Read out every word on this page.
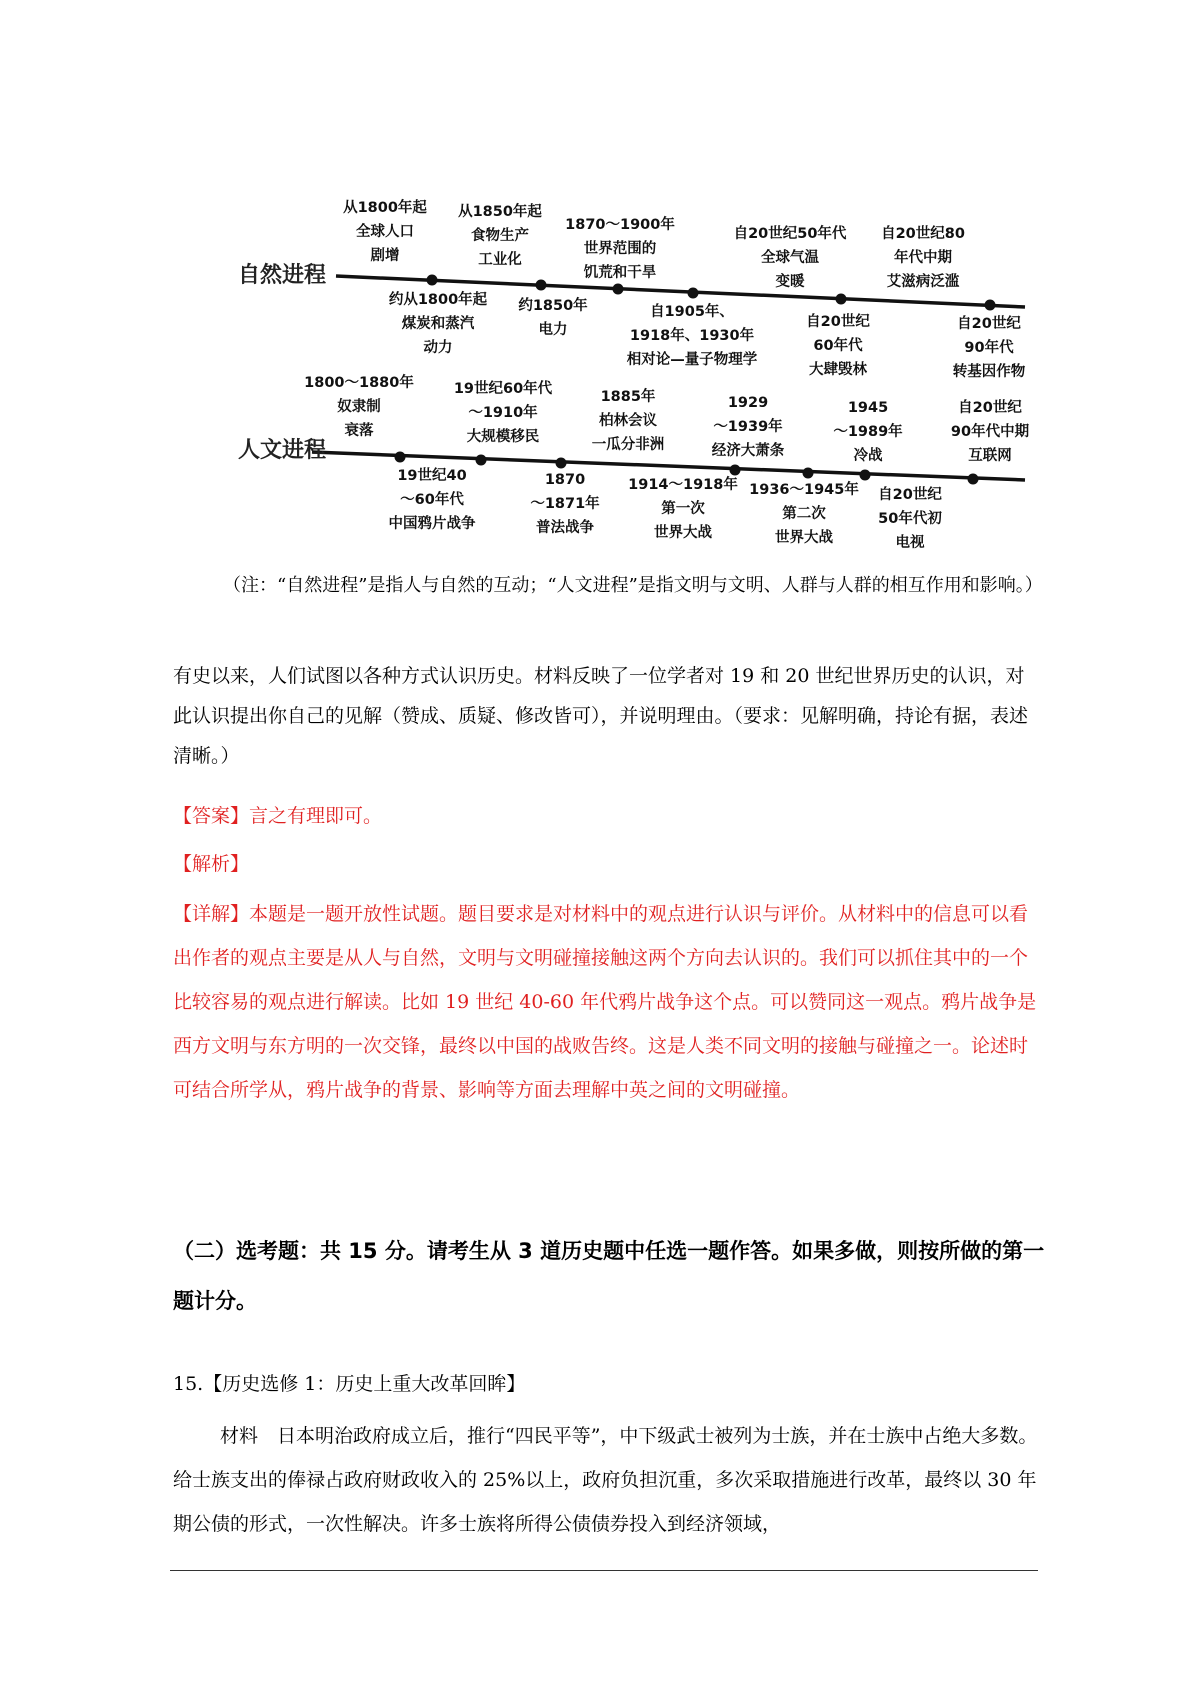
自然进程
人文进程
从1800年起
全球人口
剧增
从1850年起
食物生产
工业化
1870～1900年
世界范围的
饥荒和干旱
自20世纪50年代
全球气温
变暖
自20世纪80
年代中期
艾滋病泛滥
约从1800年起
煤炭和蒸汽
动力
约1850年
电力
自1905年、
1918年、1930年
相对论—量子物理学
自20世纪
60年代
大肆毁林
自20世纪
90年代
转基因作物
1800～1880年
奴隶制
衰落
19世纪60年代
～1910年
大规模移民
1885年
柏林会议
一瓜分非洲
1929
～1939年
经济大萧条
1945
～1989年
冷战
自20世纪
90年代中期
互联网
19世纪40
～60年代
中国鸦片战争
1870
～1871年
普法战争
1914～1918年
第一次
世界大战
1936～1945年
第二次
世界大战
自20世纪
50年代初
电视
（注：“自然进程”是指人与自然的互动；“人文进程”是指文明与文明、人群与人群的相互作用和影响。）
有史以来，人们试图以各种方式认识历史。材料反映了一位学者对 19 和 20 世纪世界历史的认识，对此认识提出你自己的见解（赞成、质疑、修改皆可），并说明理由。（要求：见解明确，持论有据，表述清晰。）
【答案】言之有理即可。
【解析】
【详解】本题是一题开放性试题。题目要求是对材料中的观点进行认识与评价。从材料中的信息可以看出作者的观点主要是从人与自然，文明与文明碰撞接触这两个方向去认识的。我们可以抓住其中的一个比较容易的观点进行解读。比如 19 世纪 40-60 年代鸦片战争这个点。可以赞同这一观点。鸦片战争是西方文明与东方明的一次交锋，最终以中国的战败告终。这是人类不同文明的接触与碰撞之一。论述时可结合所学从，鸦片战争的背景、影响等方面去理解中英之间的文明碰撞。
（二）选考题：共 15 分。请考生从 3 道历史题中任选一题作答。如果多做，则按所做的第一题计分。
15.【历史选修 1：历史上重大改革回眸】
材料　日本明治政府成立后，推行“四民平等”，中下级武士被列为士族，并在士族中占绝大多数。给士族支出的俸禄占政府财政收入的 25%以上，政府负担沉重，多次采取措施进行改革，最终以 30 年期公债的形式，一次性解决。许多士族将所得公债债券投入到经济领域，
